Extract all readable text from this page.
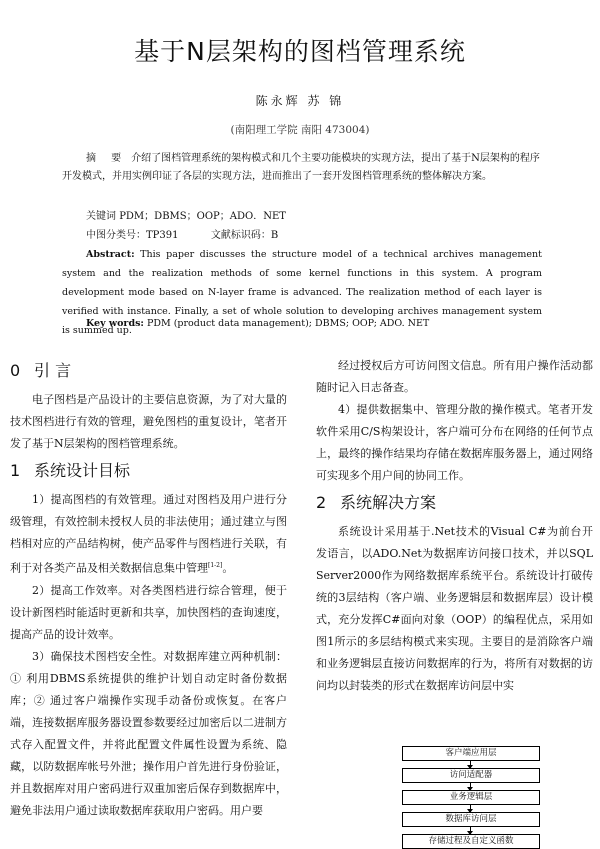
基于N层架构的图档管理系统
陈永辉 苏 锦
(南阳理工学院 南阳 473004)
摘 要 介绍了图档管理系统的架构模式和几个主要功能模块的实现方法，提出了基于N层架构的程序开发模式，并用实例印证了各层的实现方法，进而推出了一套开发图档管理系统的整体解决方案。
关键词 PDM；DBMS；OOP；ADO．NET
中图分类号：TP391	文献标识码：B
Abstract: This paper discusses the structure model of a technical archives management system and the realization methods of some kernel functions in this system. A program development mode based on N-layer frame is advanced. The realization method of each layer is verified with instance. Finally, a set of whole solution to developing archives management system is summed up.
Key words: PDM (product data management); DBMS; OOP; ADO. NET
0 引 言

电子图档是产品设计的主要信息资源，为了对大量的技术图档进行有效的管理，避免图档的重复设计，笔者开发了基于N层架构的图档管理系统。

1 系统设计目标

1）提高图档的有效管理。通过对图档及用户进行分级管理，有效控制未授权人员的非法使用；通过建立与图档相对应的产品结构树，使产品零件与图档进行关联，有利于对各类产品及相关数据信息集中管理[1-2]。

2）提高工作效率。对各类图档进行综合管理，便于设计新图档时能适时更新和共享，加快图档的查询速度，提高产品的设计效率。

3）确保技术图档安全性。对数据库建立两种机制：① 利用DBMS系统提供的维护计划自动定时备份数据库；② 通过客户端操作实现手动备份或恢复。在客户端，连接数据库服务器设置参数要经过加密后以二进制方式存入配置文件，并将此配置文件属性设置为系统、隐藏，以防数据库帐号外泄；操作用户首先进行身份验证，并且数据库对用户密码进行双重加密后保存到数据库中，避免非法用户通过读取数据库获取用户密码。用户要

经过授权后方可访问图文信息。所有用户操作活动都随时记入日志备查。

4）提供数据集中、管理分散的操作模式。笔者开发软件采用C/S构架设计，客户端可分布在网络的任何节点上，最终的操作结果均存储在数据库服务器上，通过网络可实现多个用户间的协同工作。

2 系统解决方案

系统设计采用基于.Net技术的Visual C#为前台开发语言，以ADO.Net为数据库访问接口技术，并以SQL Server2000作为网络数据库系统平台。系统设计打破传统的3层结构（客户端、业务逻辑层和数据库层）设计模式，充分发挥C#面向对象（OOP）的编程优点，采用如图1所示的多层结构模式来实现。主要目的是消除客户端和业务逻辑层直接访问数据库的行为，将所有对数据的访问均以封装类的形式在数据库访问层中实

客户端应用层
访问适配器
业务逻辑层
数据库访问层
存储过程及自定义函数
